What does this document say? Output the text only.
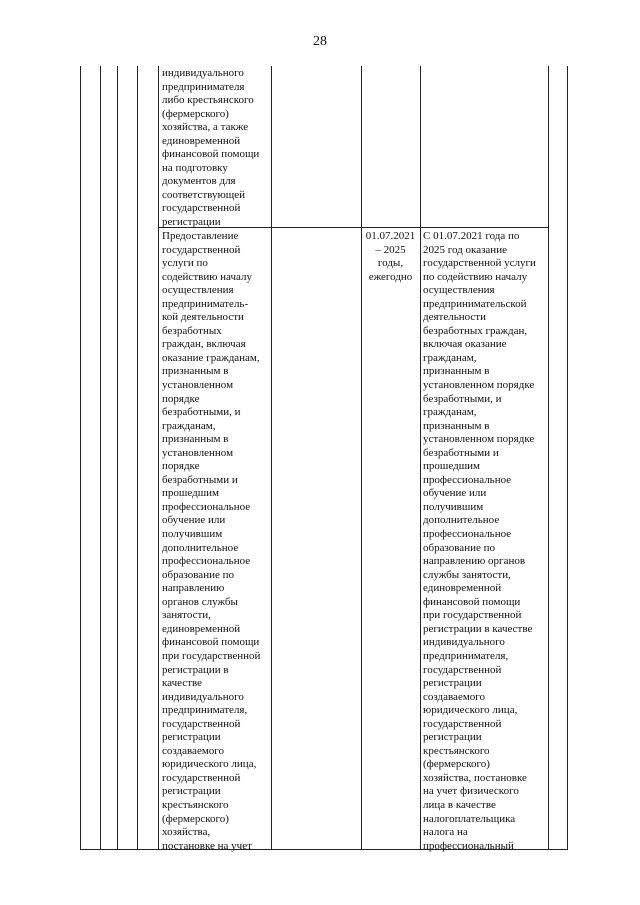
28
индивидуального
предпринимателя
либо крестьянского
(фермерского)
хозяйства, а также
единовременной
финансовой помощи
на подготовку
документов для
соответствующей
государственной
регистрации
Предоставление
государственной
услуги по
содействию началу
осуществления
предприниматель-
кой деятельности
безработных
граждан, включая
оказание гражданам,
признанным в
установленном
порядке
безработными, и
гражданам,
признанным в
установленном
порядке
безработными и
прошедшим
профессиональное
обучение или
получившим
дополнительное
профессиональное
образование по
направлению
органов службы
занятости,
единовременной
финансовой помощи
при государственной
регистрации в
качестве
индивидуального
предпринимателя,
государственной
регистрации
создаваемого
юридического лица,
государственной
регистрации
крестьянского
(фермерского)
хозяйства,
постановке на учет
01.07.2021
– 2025
годы,
ежегодно
С 01.07.2021 года по
2025 год оказание
государственной услуги
по содействию началу
осуществления
предпринимательской
деятельности
безработных граждан,
включая оказание
гражданам,
признанным в
установленном порядке
безработными, и
гражданам,
признанным в
установленном порядке
безработными и
прошедшим
профессиональное
обучение или
получившим
дополнительное
профессиональное
образование по
направлению органов
службы занятости,
единовременной
финансовой помощи
при государственной
регистрации в качестве
индивидуального
предпринимателя,
государственной
регистрации
создаваемого
юридического лица,
государственной
регистрации
крестьянского
(фермерского)
хозяйства, постановке
на учет физического
лица в качестве
налогоплательщика
налога на
профессиональный
